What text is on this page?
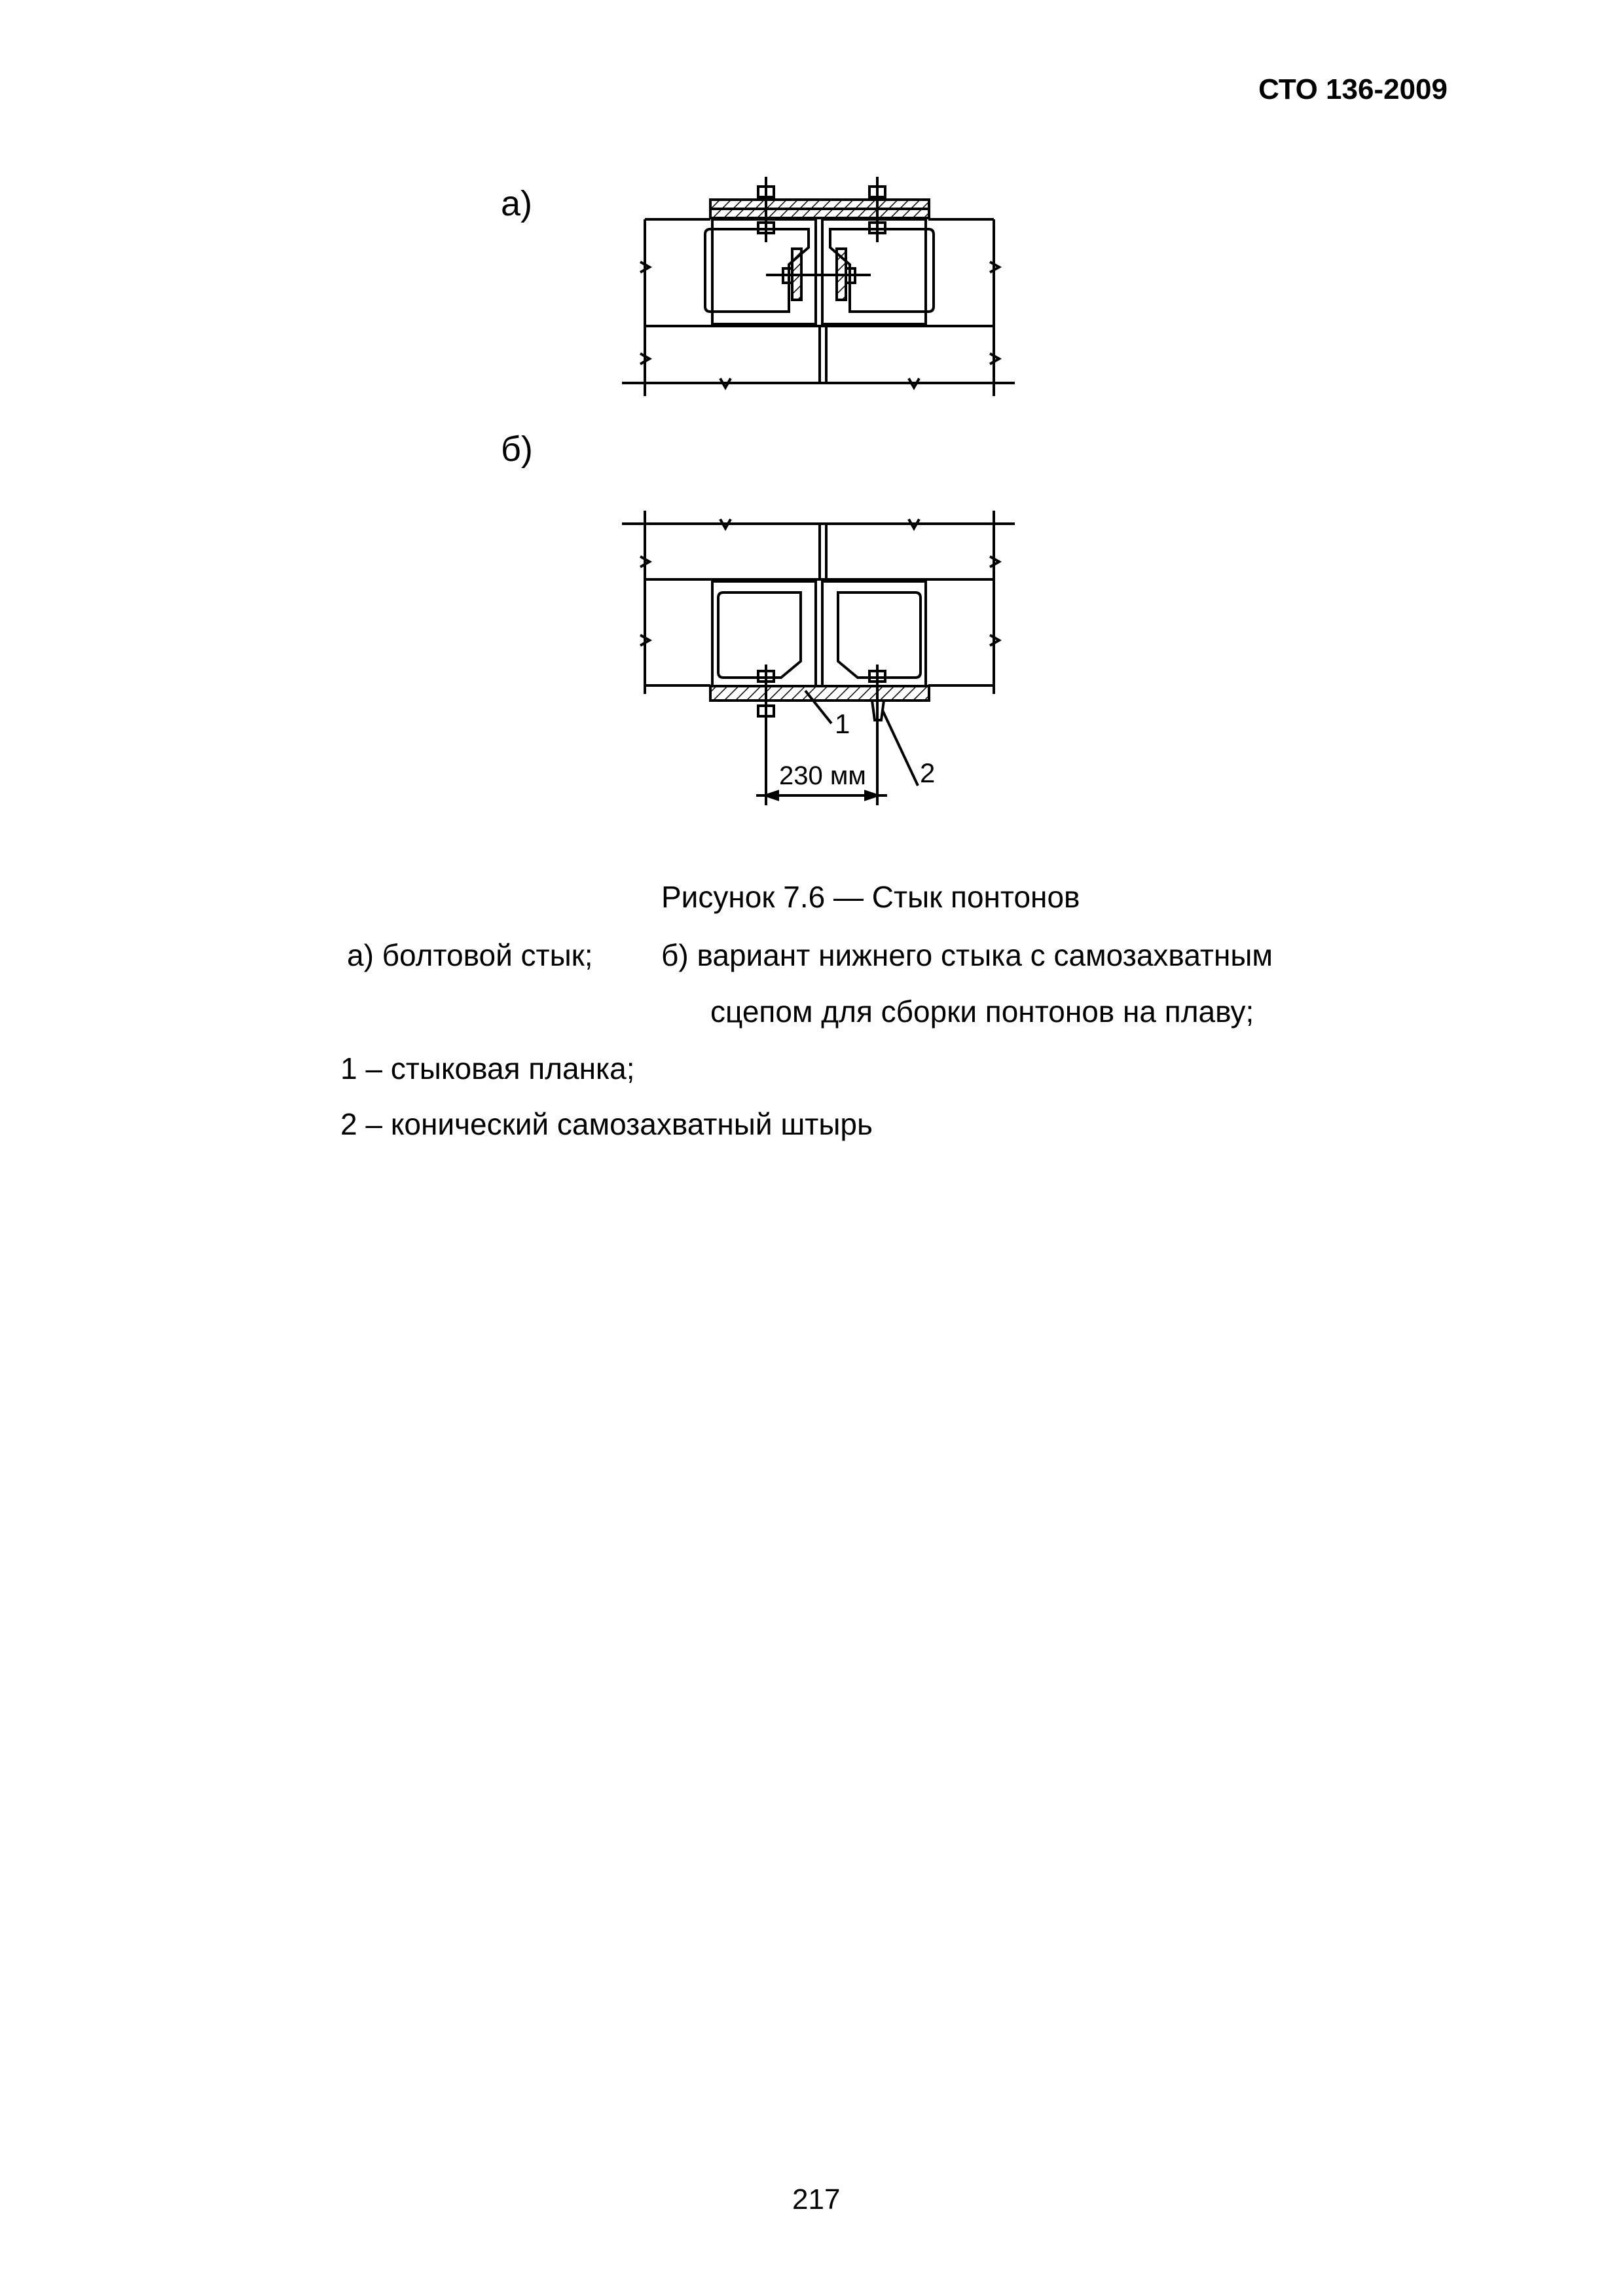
СТО 136-2009
а)
б)
1
2
230 мм
Рисунок 7.6 — Стык понтонов
а) болтовой стык; б) вариант нижнего стыка с самозахватным
сцепом для сборки понтонов на плаву;
1 – стыковая планка;
2 – конический самозахватный штырь
217
